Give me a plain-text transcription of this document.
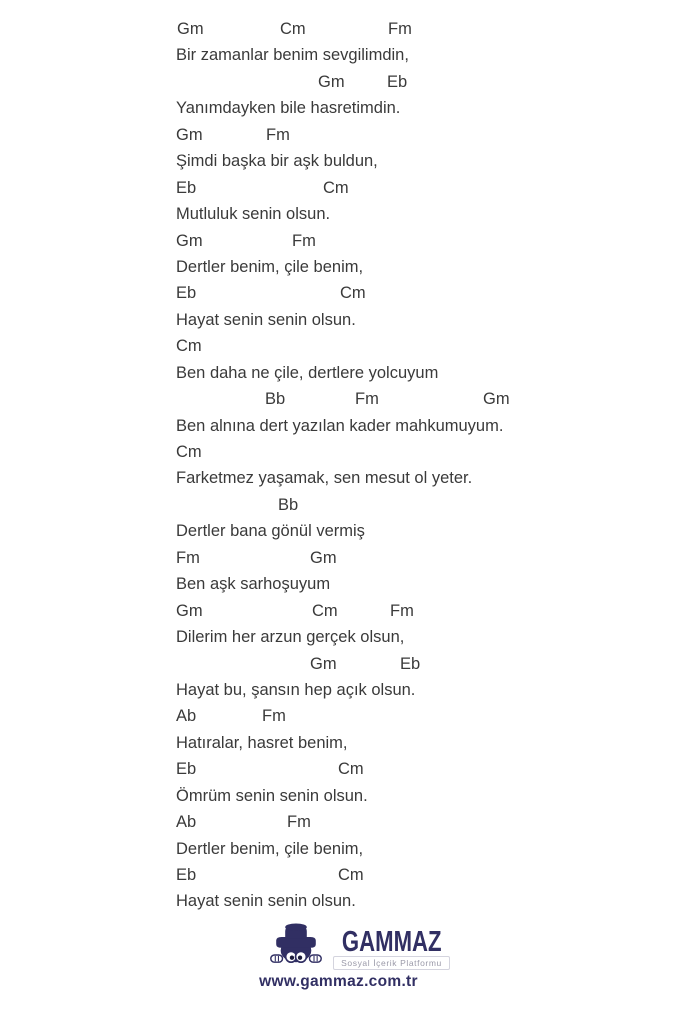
Gm	Cm	Fm
Bir zamanlar benim sevgilimdin,
Gm	Eb
Yanımdayken bile hasretimdin.
Gm	Fm
Şimdi başka bir aşk buldun,
Eb	Cm
Mutluluk senin olsun.
Gm	Fm
Dertler benim, çile benim,
Eb	Cm
Hayat senin senin olsun.
Cm
Ben daha ne çile, dertlere yolcuyum
Bb	Fm	Gm
Ben alnına dert yazılan kader mahkumuyum.
Cm
Farketmez yaşamak, sen mesut ol yeter.
Bb
Dertler bana gönül vermiş
Fm	Gm
Ben aşk sarhoşuyum
Gm	Cm	Fm
Dilerim her arzun gerçek olsun,
Gm	Eb
Hayat bu, şansın hep açık olsun.
Ab	Fm
Hatıralar, hasret benim,
Eb	Cm
Ömrüm senin senin olsun.
Ab	Fm
Dertler benim, çile benim,
Eb	Cm
Hayat senin senin olsun.
GAMMAZ
Sosyal İçerik Platformu
www.gammaz.com.tr
